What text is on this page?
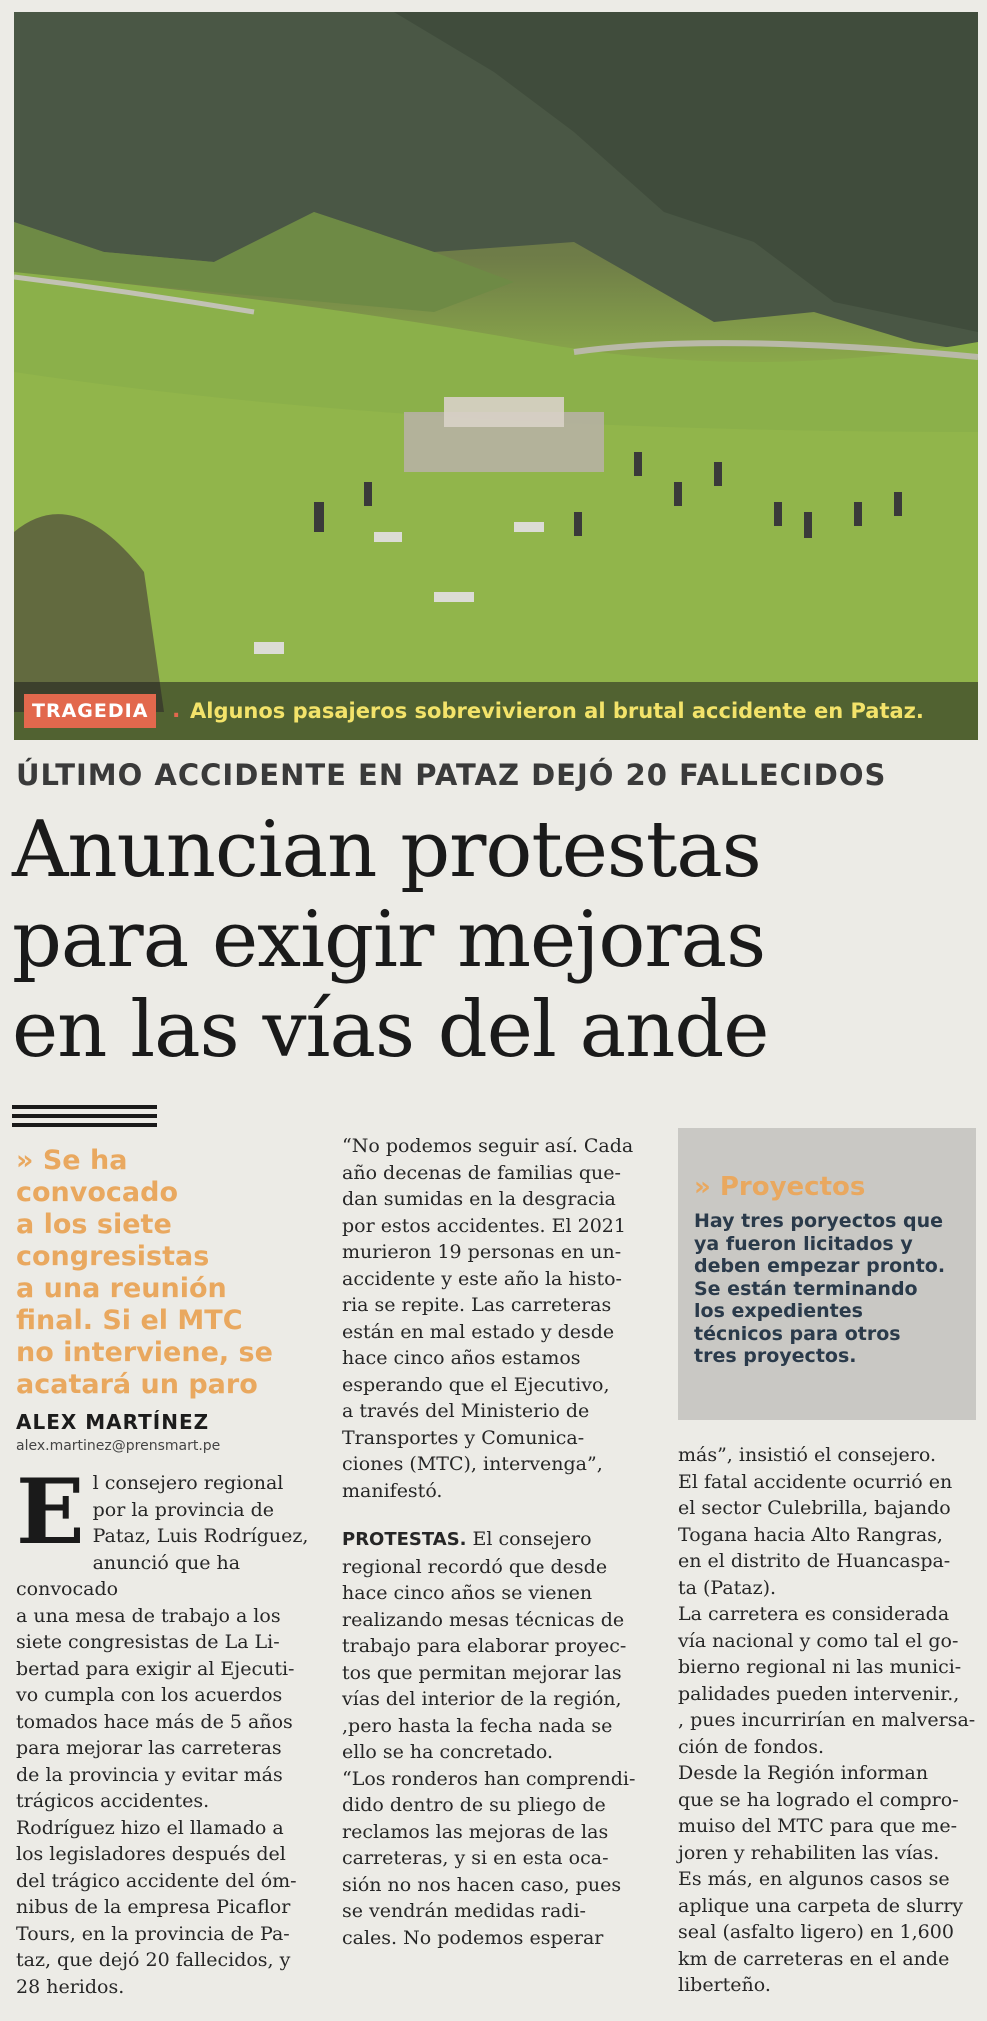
TRAGEDIA	. Algunos pasajeros sobrevivieron al brutal accidente en Pataz.
ÚLTIMO ACCIDENTE EN PATAZ DEJÓ 20 FALLECIDOS
Anuncian protestas
para exigir mejoras
en las vías del ande
» Se ha
convocado
a los siete
congresistas
a una reunión
final. Si el MTC
no interviene, se
acatará un paro
ALEX MARTÍNEZ
alex.martinez@prensmart.pe
E l consejero regional
por la provincia de
Pataz, Luis Rodríguez,
anunció que ha convocado
a una mesa de trabajo a los
siete congresistas de La Li-
bertad para exigir al Ejecuti-
vo cumpla con los acuerdos
tomados hace más de 5 años
para mejorar las carreteras
de la provincia y evitar más
trágicos accidentes.
Rodríguez hizo el llamado a
los legisladores después del
del trágico accidente del óm-
nibus de la empresa Picaflor
Tours, en la provincia de Pa-
taz, que dejó 20 fallecidos, y
28 heridos.
“No podemos seguir así. Cada
año decenas de familias que-
dan sumidas en la desgracia
por estos accidentes. El 2021
murieron 19 personas en un-
accidente y este año la histo-
ria se repite. Las carreteras
están en mal estado y desde
hace cinco años estamos
esperando que el Ejecutivo,
a través del Ministerio de
Transportes y Comunica-
ciones (MTC), intervenga”,
manifestó.
PROTESTAS. El consejero
regional recordó que desde
hace cinco años se vienen
realizando mesas técnicas de
trabajo para elaborar proyec-
tos que permitan mejorar las
vías del interior de la región,
,pero hasta la fecha nada se
ello se ha concretado.
“Los ronderos han comprendi-
dido dentro de su pliego de
reclamos las mejoras de las
carreteras, y si en esta oca-
sión no nos hacen caso, pues
se vendrán medidas radi-
cales. No podemos esperar
» Proyectos
Hay tres poryectos que
ya fueron licitados y
deben empezar pronto.
Se están terminando
los expedientes
técnicos para otros
tres proyectos.
más”, insistió el consejero.
El fatal accidente ocurrió en
el sector Culebrilla, bajando
Togana hacia Alto Rangras,
en el distrito de Huancaspa-
ta (Pataz).
La carretera es considerada
vía nacional y como tal el go-
bierno regional ni las munici-
palidades pueden intervenir.,
, pues incurrirían en malversa-
ción de fondos.
Desde la Región informan
que se ha logrado el compro-
muiso del MTC para que me-
joren y rehabiliten las vías.
Es más, en algunos casos se
aplique una carpeta de slurry
seal (asfalto ligero) en 1,600
km de carreteras en el ande
liberteño.
